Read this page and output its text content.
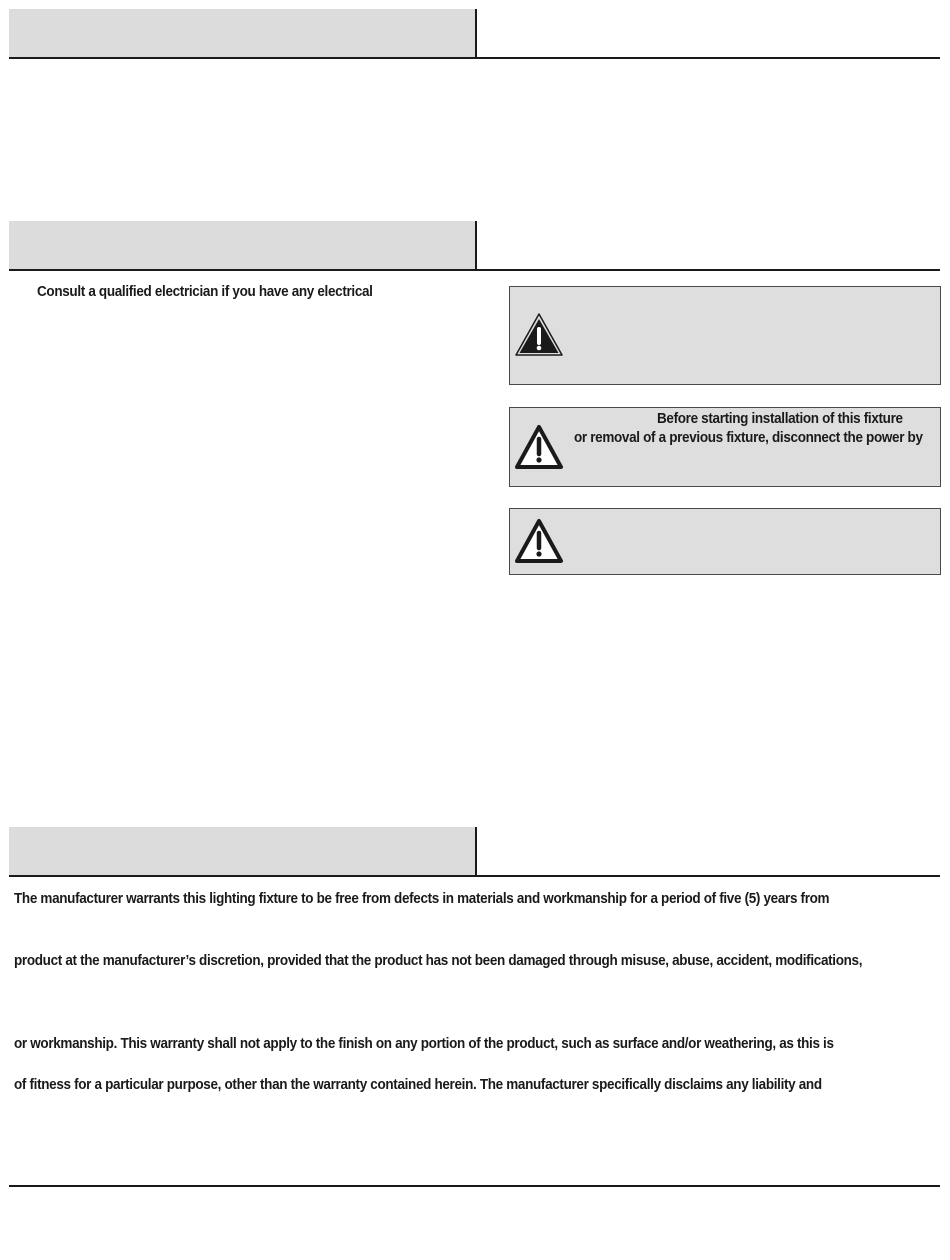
Consult a qualified electrician if you have any electrical
Before starting installation of this fixture
or removal of a previous fixture, disconnect the power by
The manufacturer warrants this lighting fixture to be free from defects in materials and workmanship for a period of five (5) years from
product at the manufacturer’s discretion, provided that the product has not been damaged through misuse, abuse, accident, modifications,
or workmanship. This warranty shall not apply to the finish on any portion of the product, such as surface and/or weathering, as this is
of fitness for a particular purpose, other than the warranty contained herein. The manufacturer specifically disclaims any liability and
